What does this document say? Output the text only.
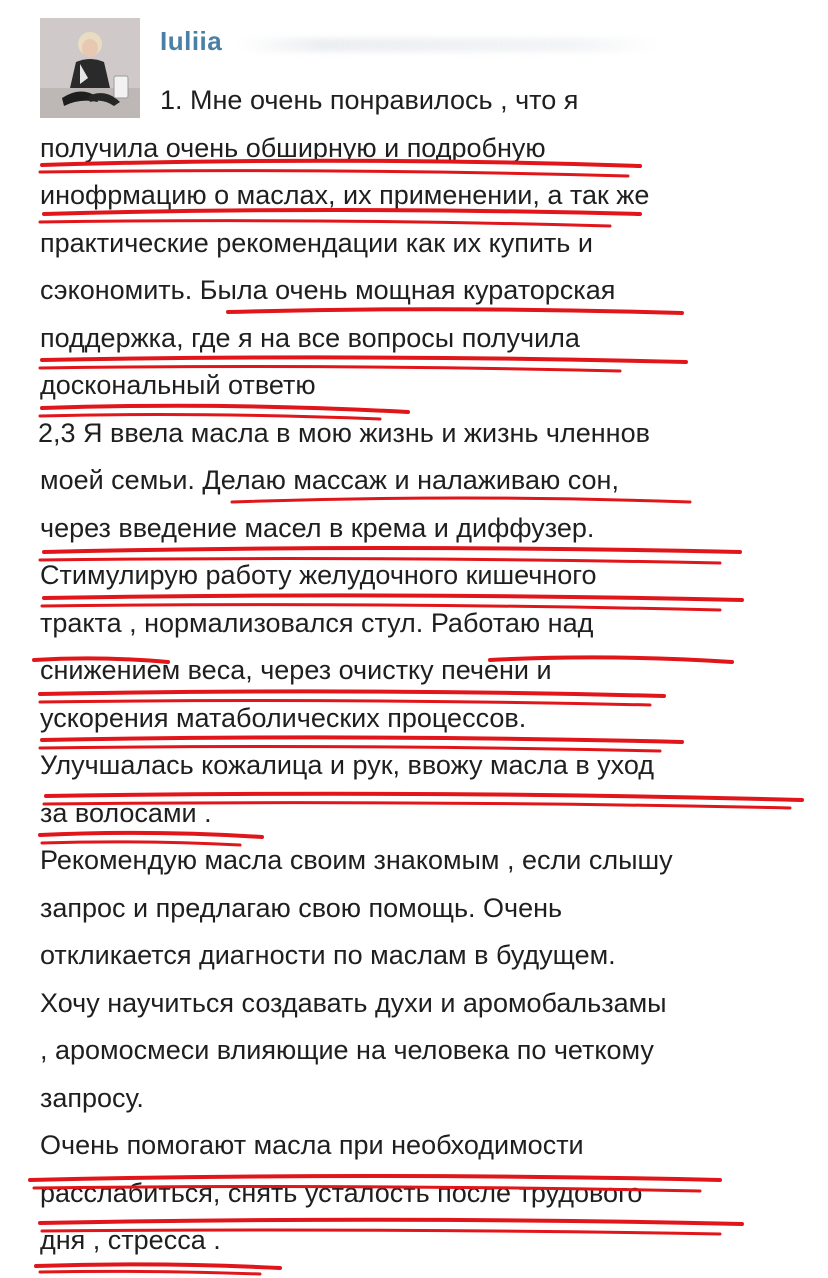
Iuliia
1. Мне очень понравилось , что я
получила очень обширную и подробную
инофрмацию о маслах, их применении, а так же
практические рекомендации как их купить и
сэкономить. Была очень мощная кураторская
поддержка, где я на все вопросы получила
доскональный ответю
2,3 Я ввела масла в мою жизнь и жизнь членнов
моей семьи. Делаю массаж и налаживаю сон,
через введение масел в крема и диффузер.
Стимулирую работу желудочного кишечного
тракта , нормализовался стул. Работаю над
снижением веса, через очистку печени и
ускорения матаболических процессов.
Улучшалась кожалица и рук, ввожу масла в уход
за волосами .
Рекомендую масла своим знакомым , если слышу
запрос и предлагаю свою помощь. Очень
откликается диагности по маслам в будущем.
Хочу научиться создавать духи и аромобальзамы
, аромосмеси влияющие на человека по четкому
запросу.
Очень помогают масла при необходимости
расслабиться, снять усталость после трудового
дня , стресса .
